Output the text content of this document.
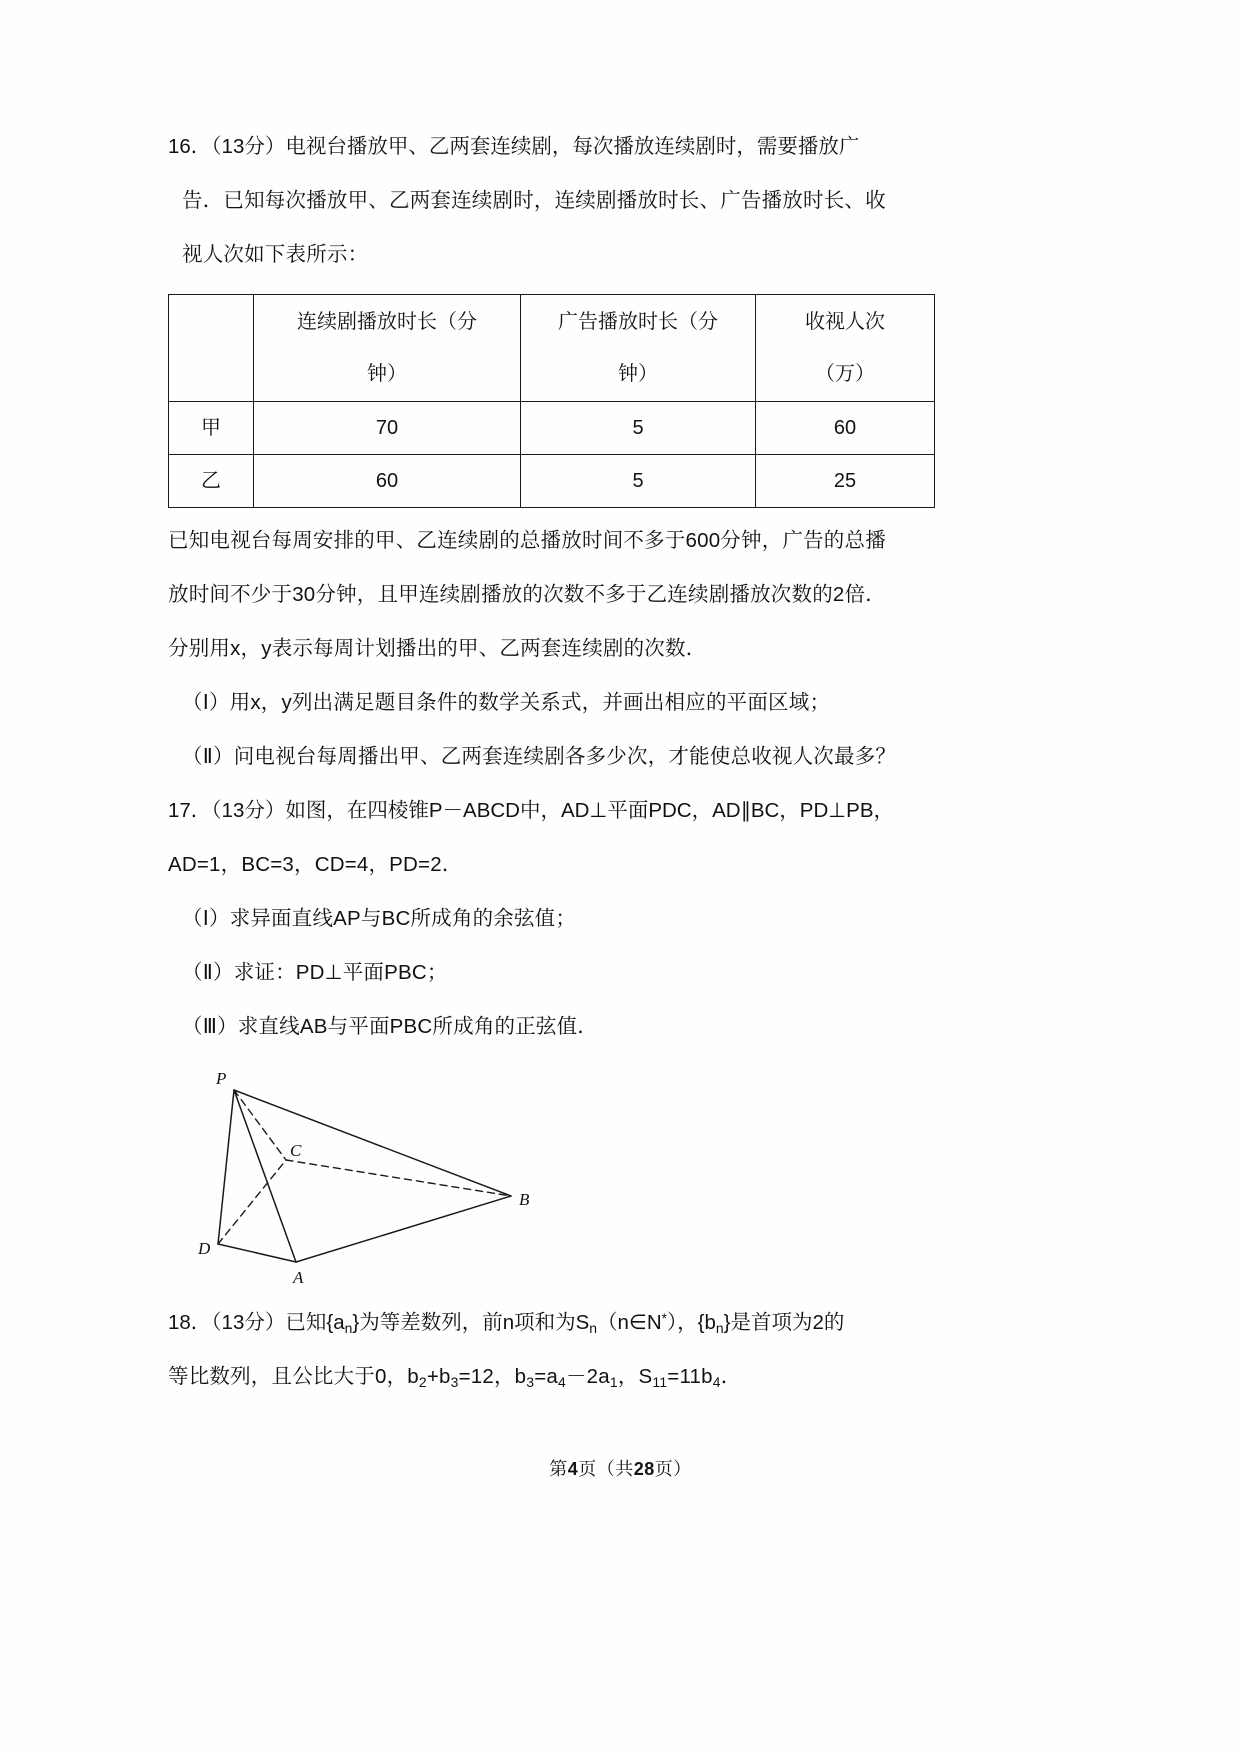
16．（13分）电视台播放甲、乙两套连续剧，每次播放连续剧时，需要播放广

告．已知每次播放甲、乙两套连续剧时，连续剧播放时长、广告播放时长、收

视人次如下表所示：

	连续剧播放时长（分
钟）	广告播放时长（分
钟）	收视人次
（万）

甲	70	5	60
乙	60	5	25

已知电视台每周安排的甲、乙连续剧的总播放时间不多于600分钟，广告的总播

放时间不少于30分钟，且甲连续剧播放的次数不多于乙连续剧播放次数的2倍．

分别用x，y表示每周计划播出的甲、乙两套连续剧的次数．

（Ⅰ）用x，y列出满足题目条件的数学关系式，并画出相应的平面区域；

（Ⅱ）问电视台每周播出甲、乙两套连续剧各多少次，才能使总收视人次最多？

17．（13分）如图，在四棱锥P－ABCD中，AD⊥平面PDC，AD∥BC，PD⊥PB，

AD=1，BC=3，CD=4，PD=2．

（Ⅰ）求异面直线AP与BC所成角的余弦值；

（Ⅱ）求证：PD⊥平面PBC；

（Ⅲ）求直线AB与平面PBC所成角的正弦值．

P
C
B
D
A

18．（13分）已知$\{a_n\}$为等差数列，前n项和为$S_n(n\in N^*)$，$\{b_n\}$是首项为2的

等比数列，且公比大于0，$b_2+b_3=12$，$b_3=a_4-2a_1$，$S_{11}=11b_4$．

第4页（共28页）
